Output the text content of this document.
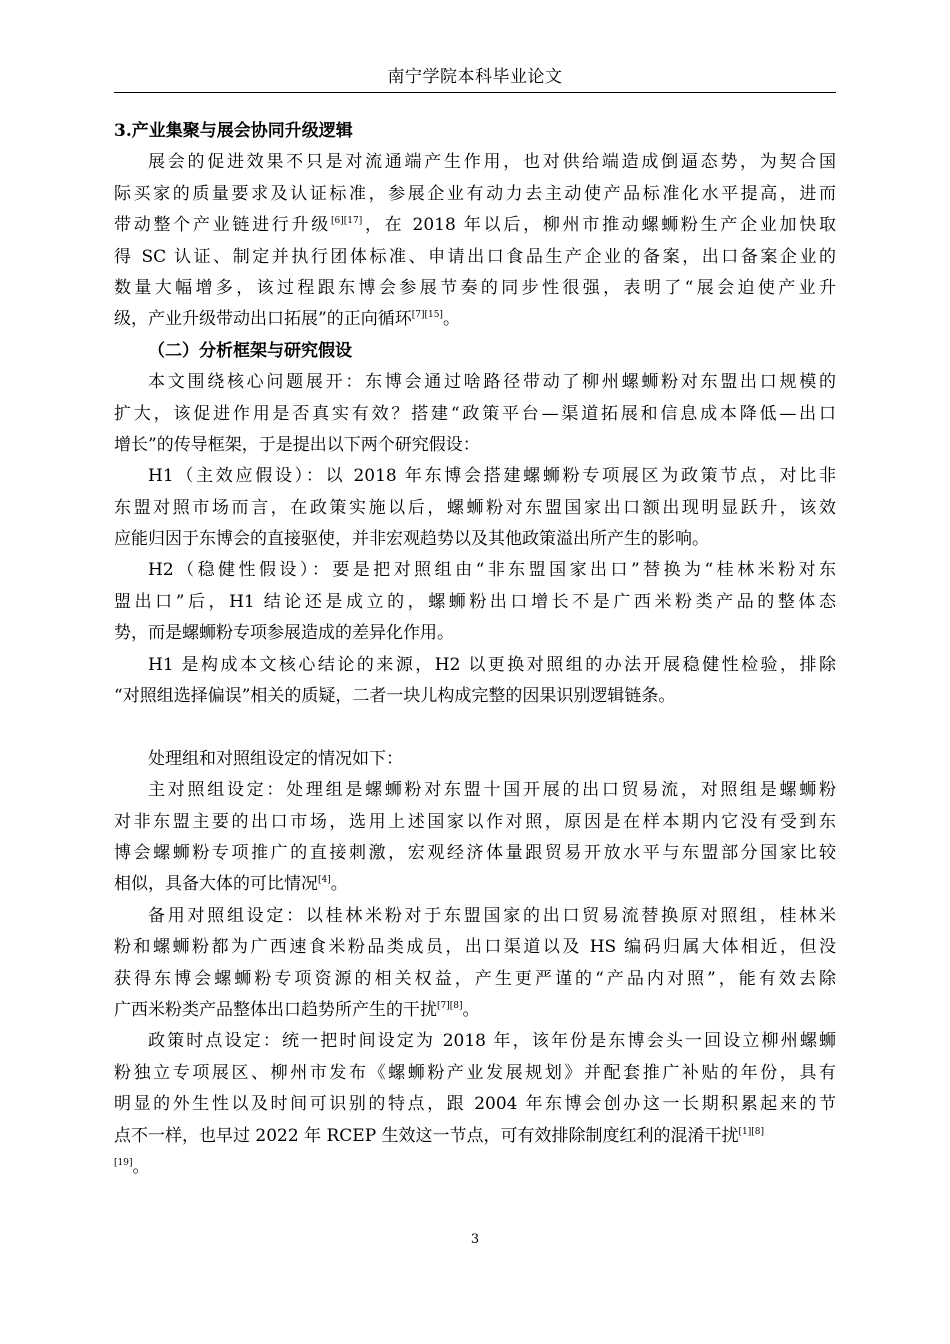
南宁学院本科毕业论文
3.产业集聚与展会协同升级逻辑
展会的促进效果不只是对流通端产生作用，也对供给端造成倒逼态势，为契合国
际买家的质量要求及认证标准，参展企业有动力去主动使产品标准化水平提高，进而
带动整个产业链进行升级[6][17]，在 2018 年以后，柳州市推动螺蛳粉生产企业加快取
得 SC 认证、制定并执行团体标准、申请出口食品生产企业的备案，出口备案企业的
数量大幅增多，该过程跟东博会参展节奏的同步性很强，表明了“展会迫使产业升
级，产业升级带动出口拓展”的正向循环[7][15]。
（二）分析框架与研究假设
本文围绕核心问题展开：东博会通过啥路径带动了柳州螺蛳粉对东盟出口规模的
扩大，该促进作用是否真实有效？搭建“政策平台—渠道拓展和信息成本降低—出口
增长”的传导框架，于是提出以下两个研究假设：
H1（主效应假设）：以 2018 年东博会搭建螺蛳粉专项展区为政策节点，对比非
东盟对照市场而言，在政策实施以后，螺蛳粉对东盟国家出口额出现明显跃升，该效
应能归因于东博会的直接驱使，并非宏观趋势以及其他政策溢出所产生的影响。
H2（稳健性假设）：要是把对照组由“非东盟国家出口”替换为“桂林米粉对东
盟出口”后，H1 结论还是成立的，螺蛳粉出口增长不是广西米粉类产品的整体态
势，而是螺蛳粉专项参展造成的差异化作用。
H1 是构成本文核心结论的来源，H2 以更换对照组的办法开展稳健性检验，排除
“对照组选择偏误”相关的质疑，二者一块儿构成完整的因果识别逻辑链条。
处理组和对照组设定的情况如下：
主对照组设定：处理组是螺蛳粉对东盟十国开展的出口贸易流，对照组是螺蛳粉
对非东盟主要的出口市场，选用上述国家以作对照，原因是在样本期内它没有受到东
博会螺蛳粉专项推广的直接刺激，宏观经济体量跟贸易开放水平与东盟部分国家比较
相似，具备大体的可比情况[4]。
备用对照组设定：以桂林米粉对于东盟国家的出口贸易流替换原对照组，桂林米
粉和螺蛳粉都为广西速食米粉品类成员，出口渠道以及 HS 编码归属大体相近，但没
获得东博会螺蛳粉专项资源的相关权益，产生更严谨的“产品内对照”，能有效去除
广西米粉类产品整体出口趋势所产生的干扰[7][8]。
政策时点设定：统一把时间设定为 2018 年，该年份是东博会头一回设立柳州螺蛳
粉独立专项展区、柳州市发布《螺蛳粉产业发展规划》并配套推广补贴的年份，具有
明显的外生性以及时间可识别的特点，跟 2004 年东博会创办这一长期积累起来的节
点不一样，也早过 2022 年 RCEP 生效这一节点，可有效排除制度红利的混淆干扰[1][8]
[19]。
3
